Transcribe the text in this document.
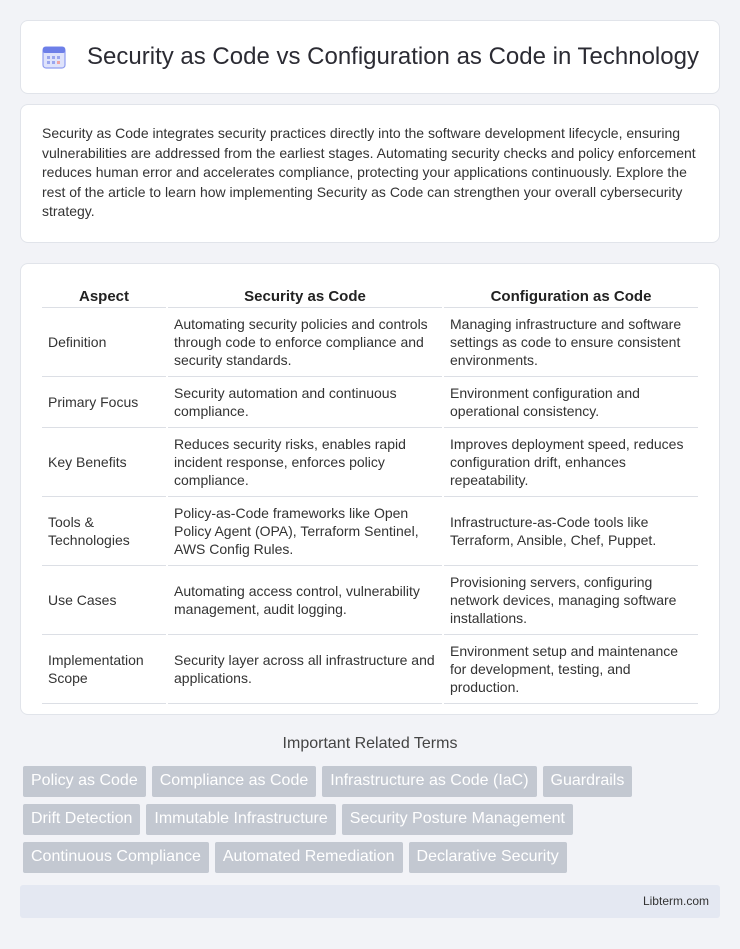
Security as Code vs Configuration as Code in Technology

Security as Code integrates security practices directly into the software development lifecycle, ensuring vulnerabilities are addressed from the earliest stages. Automating security checks and policy enforcement reduces human error and accelerates compliance, protecting your applications continuously. Explore the rest of the article to learn how implementing Security as Code can strengthen your overall cybersecurity strategy.

Aspect	Security as Code	Configuration as Code
Definition	Automating security policies and controls through code to enforce compliance and security standards.	Managing infrastructure and software settings as code to ensure consistent environments.
Primary Focus	Security automation and continuous compliance.	Environment configuration and operational consistency.
Key Benefits	Reduces security risks, enables rapid incident response, enforces policy compliance.	Improves deployment speed, reduces configuration drift, enhances repeatability.
Tools & Technologies	Policy-as-Code frameworks like Open Policy Agent (OPA), Terraform Sentinel, AWS Config Rules.	Infrastructure-as-Code tools like Terraform, Ansible, Chef, Puppet.
Use Cases	Automating access control, vulnerability management, audit logging.	Provisioning servers, configuring network devices, managing software installations.
Implementation Scope	Security layer across all infrastructure and applications.	Environment setup and maintenance for development, testing, and production.
Important Related Terms
Policy as Code	Compliance as Code	Infrastructure as Code (IaC)	Guardrails
Drift Detection	Immutable Infrastructure	Security Posture Management
Continuous Compliance	Automated Remediation	Declarative Security
Libterm.com
